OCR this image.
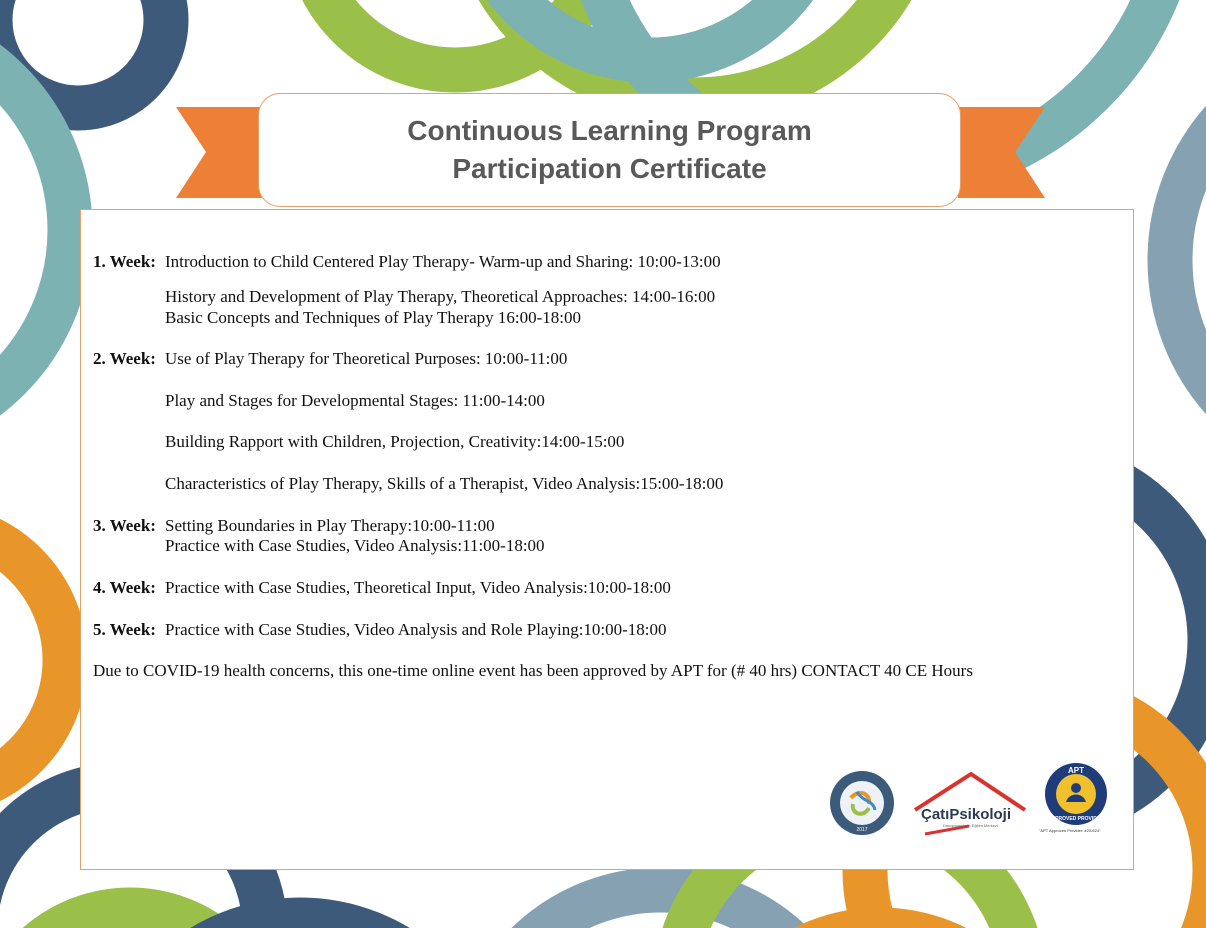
Continuous Learning Program
Participation Certificate
1. Week: Introduction to Child Centered Play Therapy- Warm-up and Sharing: 10:00-13:00
History and Development of Play Therapy, Theoretical Approaches: 14:00-16:00
Basic Concepts and Techniques of Play Therapy 16:00-18:00
2. Week: Use of Play Therapy for Theoretical Purposes: 10:00-11:00
Play and Stages for Developmental Stages: 11:00-14:00
Building Rapport with Children, Projection, Creativity:14:00-15:00
Characteristics of Play Therapy, Skills of a Therapist, Video Analysis:15:00-18:00
3. Week: Setting Boundaries in Play Therapy:10:00-11:00
Practice with Case Studies, Video Analysis:11:00-18:00
4. Week: Practice with Case Studies, Theoretical Input, Video Analysis:10:00-18:00
5. Week: Practice with Case Studies, Video Analysis and Role Playing:10:00-18:00
Due to COVID-19 health concerns, this one-time online event has been approved by APT for (# 40 hrs) CONTACT 40 CE Hours
2017
ÇatıPsikoloji
Danışmanlık ve Eğitim Merkezi
APT
APPROVED PROVIDER
"APT Approved Provider: #20-624"
